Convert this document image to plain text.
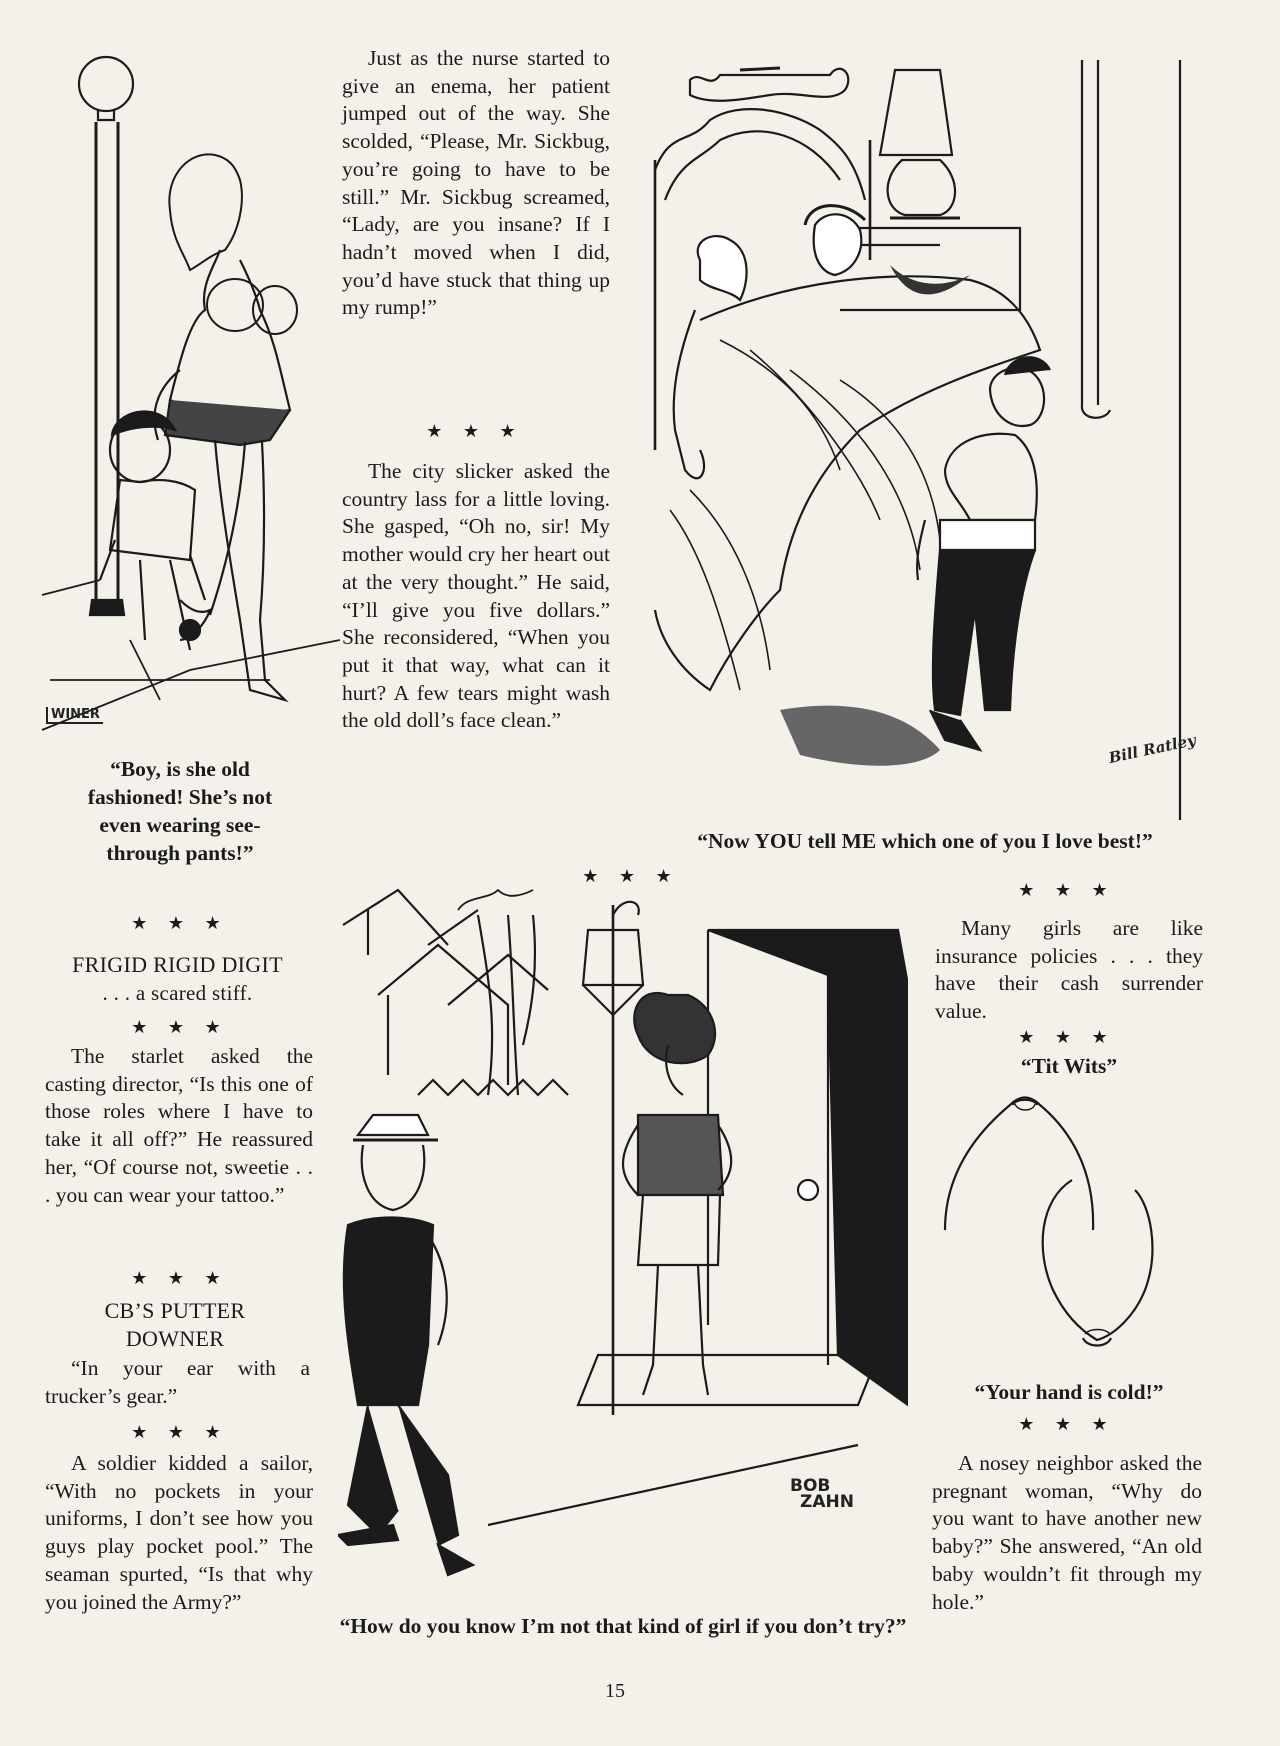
WINER
“Boy, is she old fashioned! She’s not even wearing see-through pants!”
★ ★ ★
FRIGID RIGID DIGIT
. . . a scared stiff.
★ ★ ★

The starlet asked the casting director, “Is this one of those roles where I have to take it all off?” He reassured her, “Of course not, sweetie . . . you can wear your tattoo.”

★ ★ ★
CB’S PUTTER DOWNER

“In your ear with a trucker’s gear.”

★ ★ ★

A soldier kidded a sailor, “With no pockets in your uniforms, I don’t see how you guys play pocket pool.” The seaman spurted, “Is that why you joined the Army?”

Just as the nurse started to give an enema, her patient jumped out of the way. She scolded, “Please, Mr. Sickbug, you’re going to have to be still.” Mr. Sickbug screamed, “Lady, are you insane? If I hadn’t moved when I did, you’d have stuck that thing up my rump!”

★ ★ ★

The city slicker asked the country lass for a little loving. She gasped, “Oh no, sir! My mother would cry her heart out at the very thought.” He said, “I’ll give you five dollars.” She reconsidered, “When you put it that way, what can it hurt? A few tears might wash the old doll’s face clean.”

★ ★ ★
Bill Ratley
“Now YOU tell ME which one of you I love best!”
★ ★ ★
BOB
ZAHN
“How do you know I’m not that kind of girl if you don’t try?”

Many girls are like insurance policies . . . they have their cash surrender value.

★ ★ ★
“Tit Wits”
“Your hand is cold!”
★ ★ ★

A nosey neighbor asked the pregnant woman, “Why do you want to have another new baby?” She answered, “An old baby wouldn’t fit through my hole.”

15
